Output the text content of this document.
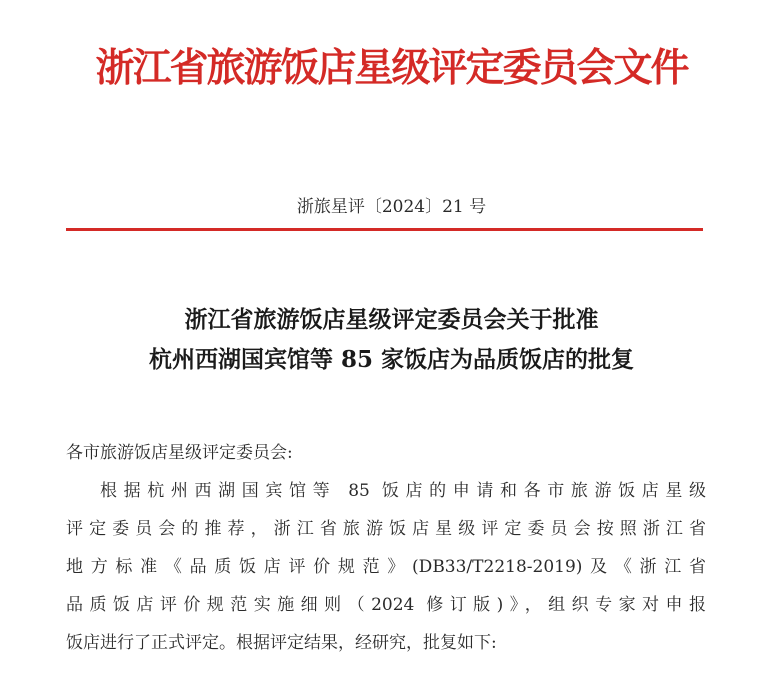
浙江省旅游饭店星级评定委员会文件
浙旅星评〔2024〕21 号
浙江省旅游饭店星级评定委员会关于批准
杭州西湖国宾馆等 85 家饭店为品质饭店的批复
各市旅游饭店星级评定委员会:
根据杭州西湖国宾馆等 85 饭店的申请和各市旅游饭店星级
评定委员会的推荐，浙江省旅游饭店星级评定委员会按照浙江省
地方标准《品质饭店评价规范》(DB33/T2218-2019)及《浙江省
品质饭店评价规范实施细则（2024 修订版)》，组织专家对申报
饭店进行了正式评定。根据评定结果，经研究，批复如下:
